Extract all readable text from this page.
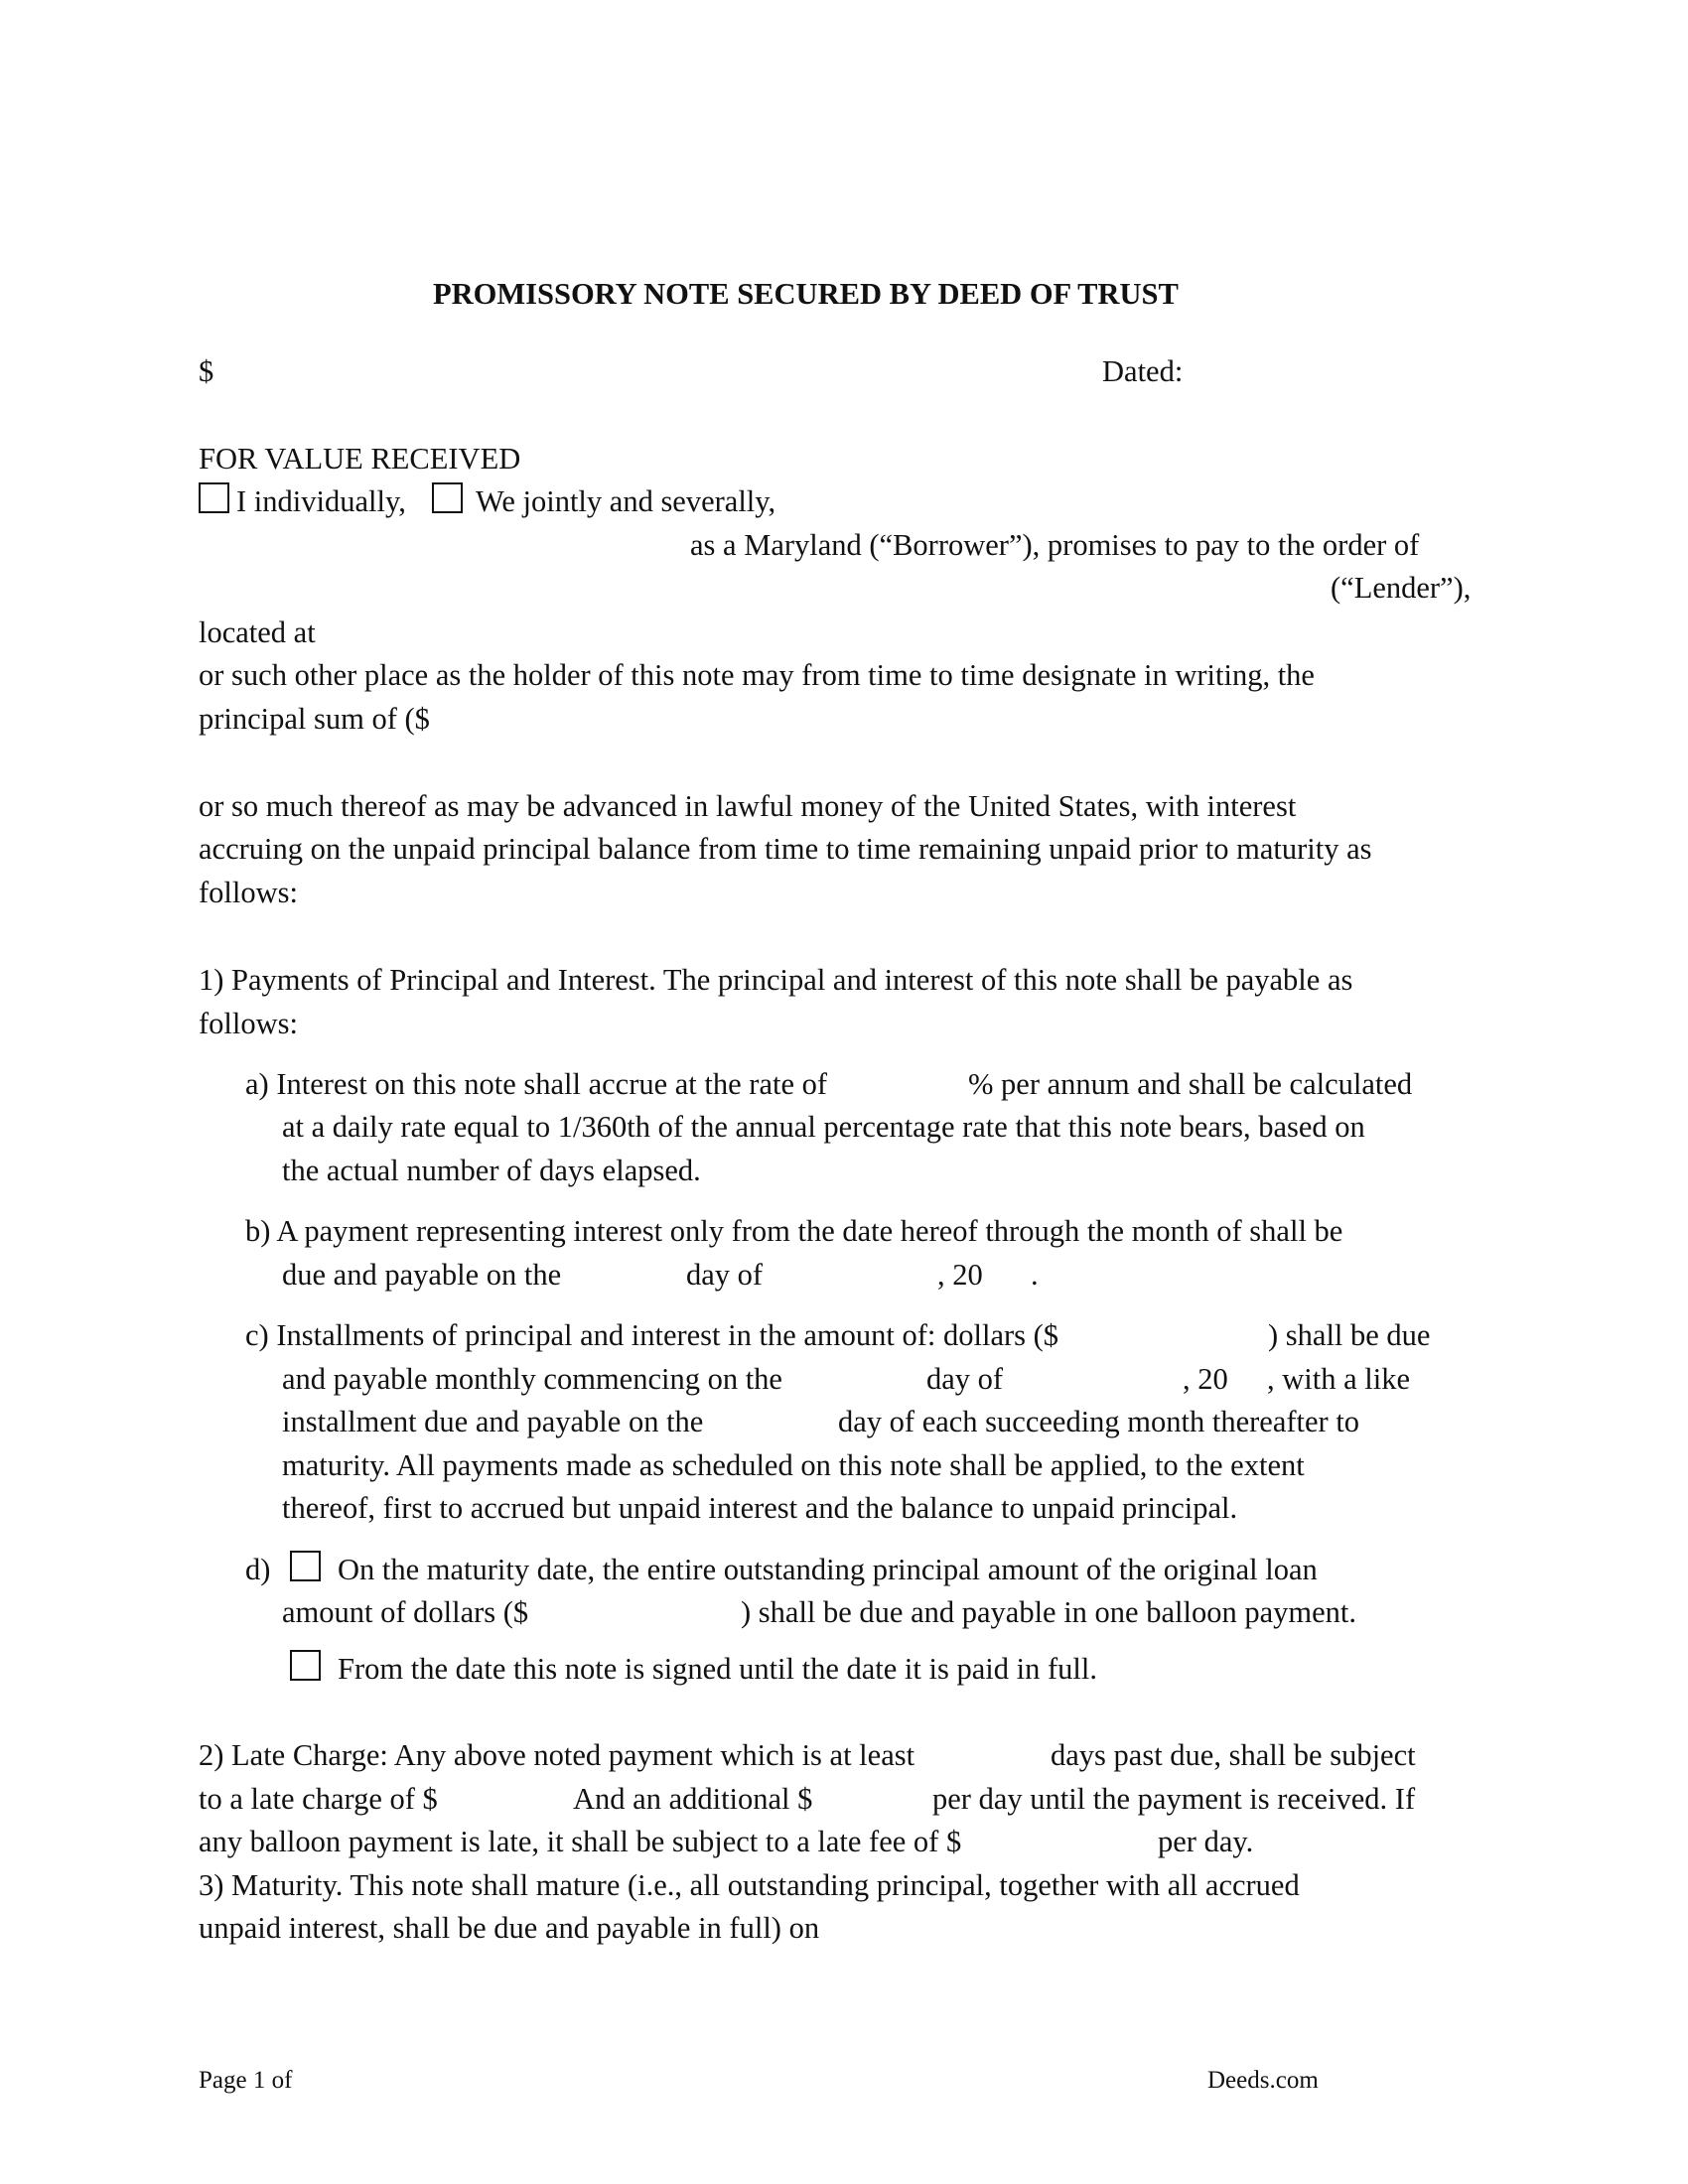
PROMISSORY NOTE SECURED BY DEED OF TRUST
$	Dated:
FOR VALUE RECEIVED
I individually, We jointly and severally,
as a Maryland (“Borrower”), promises to pay to the order of
(“Lender”),
located at
or such other place as the holder of this note may from time to time designate in writing, the
principal sum of ($
or so much thereof as may be advanced in lawful money of the United States, with interest
accruing on the unpaid principal balance from time to time remaining unpaid prior to maturity as
follows:
1) Payments of Principal and Interest. The principal and interest of this note shall be payable as
follows:
a) Interest on this note shall accrue at the rate of	% per annum and shall be calculated
at a daily rate equal to 1/360th of the annual percentage rate that this note bears, based on
the actual number of days elapsed.
b) A payment representing interest only from the date hereof through the month of shall be
due and payable on the	day of	, 20 .
c) Installments of principal and interest in the amount of: dollars ($	) shall be due
and payable monthly commencing on the	day of	, 20 , with a like
installment due and payable on the	day of each succeeding month thereafter to
maturity. All payments made as scheduled on this note shall be applied, to the extent
thereof, first to accrued but unpaid interest and the balance to unpaid principal.
d) On the maturity date, the entire outstanding principal amount of the original loan
amount of dollars ($	) shall be due and payable in one balloon payment.
From the date this note is signed until the date it is paid in full.
2) Late Charge: Any above noted payment which is at least	days past due, shall be subject
to a late charge of $	And an additional $	per day until the payment is received. If
any balloon payment is late, it shall be subject to a late fee of $	per day.
3) Maturity. This note shall mature (i.e., all outstanding principal, together with all accrued
unpaid interest, shall be due and payable in full) on
Page 1 of	Deeds.com
